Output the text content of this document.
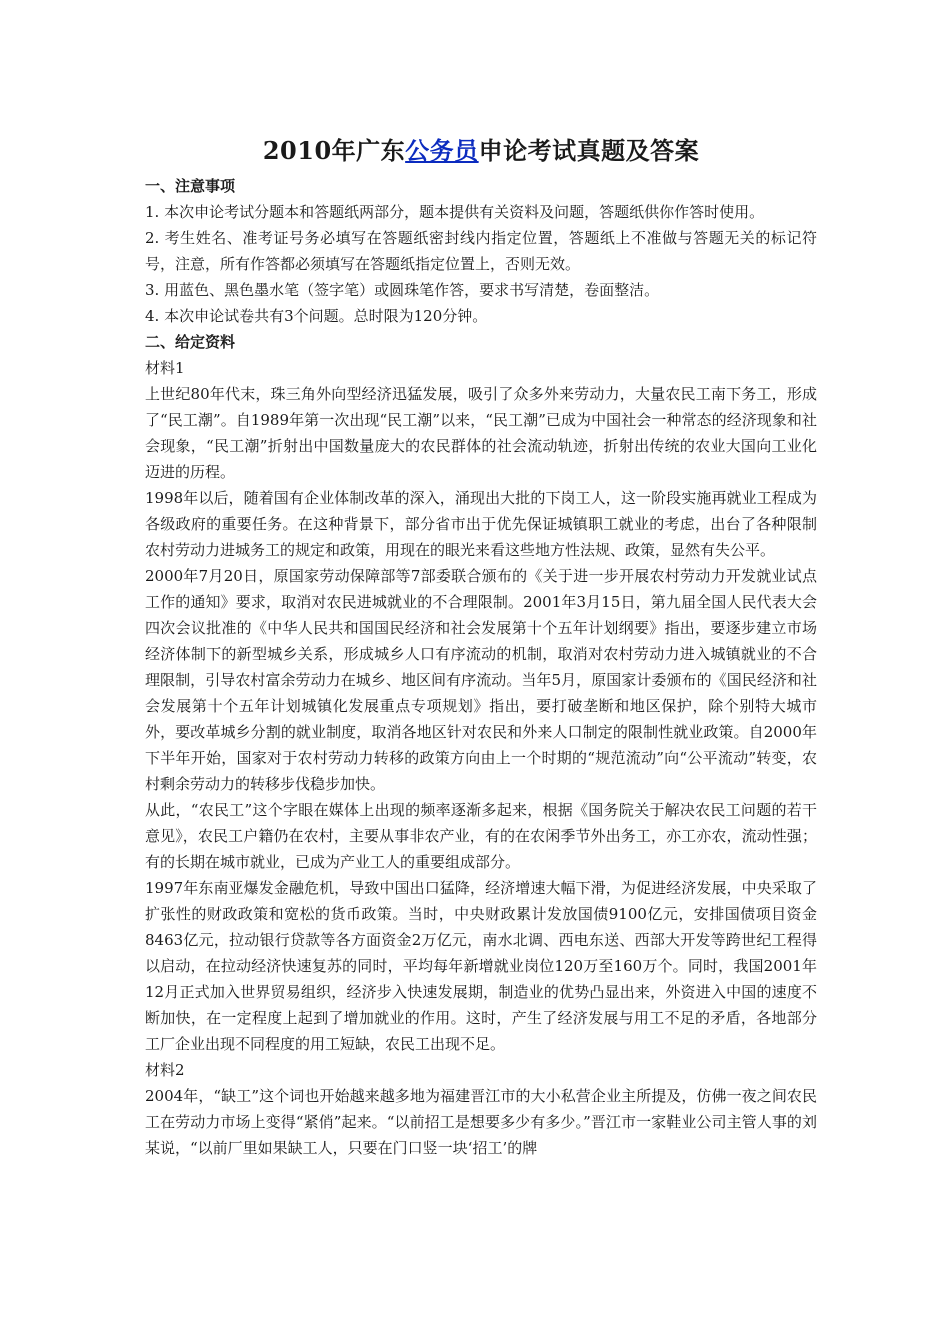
2010年广东公务员申论考试真题及答案

一、注意事项

1. 本次申论考试分题本和答题纸两部分，题本提供有关资料及问题，答题纸供你作答时使用。

2. 考生姓名、准考证号务必填写在答题纸密封线内指定位置，答题纸上不准做与答题无关的标记符号，注意，所有作答都必须填写在答题纸指定位置上，否则无效。

3. 用蓝色、黑色墨水笔（签字笔）或圆珠笔作答，要求书写清楚，卷面整洁。

4. 本次申论试卷共有3个问题。总时限为120分钟。

二、给定资料

材料1

上世纪80年代末，珠三角外向型经济迅猛发展，吸引了众多外来劳动力，大量农民工南下务工，形成了“民工潮”。自1989年第一次出现“民工潮”以来，“民工潮”已成为中国社会一种常态的经济现象和社会现象，“民工潮”折射出中国数量庞大的农民群体的社会流动轨迹，折射出传统的农业大国向工业化迈进的历程。

1998年以后，随着国有企业体制改革的深入，涌现出大批的下岗工人，这一阶段实施再就业工程成为各级政府的重要任务。在这种背景下，部分省市出于优先保证城镇职工就业的考虑，出台了各种限制农村劳动力进城务工的规定和政策，用现在的眼光来看这些地方性法规、政策，显然有失公平。

2000年7月20日，原国家劳动保障部等7部委联合颁布的《关于进一步开展农村劳动力开发就业试点工作的通知》要求，取消对农民进城就业的不合理限制。2001年3月15日，第九届全国人民代表大会四次会议批准的《中华人民共和国国民经济和社会发展第十个五年计划纲要》指出，要逐步建立市场经济体制下的新型城乡关系，形成城乡人口有序流动的机制，取消对农村劳动力进入城镇就业的不合理限制，引导农村富余劳动力在城乡、地区间有序流动。当年5月，原国家计委颁布的《国民经济和社会发展第十个五年计划城镇化发展重点专项规划》指出，要打破垄断和地区保护，除个别特大城市外，要改革城乡分割的就业制度，取消各地区针对农民和外来人口制定的限制性就业政策。自2000年下半年开始，国家对于农村劳动力转移的政策方向由上一个时期的“规范流动”向“公平流动”转变，农村剩余劳动力的转移步伐稳步加快。

从此，“农民工”这个字眼在媒体上出现的频率逐渐多起来，根据《国务院关于解决农民工问题的若干意见》，农民工户籍仍在农村，主要从事非农产业，有的在农闲季节外出务工，亦工亦农，流动性强；有的长期在城市就业，已成为产业工人的重要组成部分。

1997年东南亚爆发金融危机，导致中国出口猛降，经济增速大幅下滑，为促进经济发展，中央采取了扩张性的财政政策和宽松的货币政策。当时，中央财政累计发放国债9100亿元，安排国债项目资金8463亿元，拉动银行贷款等各方面资金2万亿元，南水北调、西电东送、西部大开发等跨世纪工程得以启动，在拉动经济快速复苏的同时，平均每年新增就业岗位120万至160万个。同时，我国2001年12月正式加入世界贸易组织，经济步入快速发展期，制造业的优势凸显出来，外资进入中国的速度不断加快，在一定程度上起到了增加就业的作用。这时，产生了经济发展与用工不足的矛盾，各地部分工厂企业出现不同程度的用工短缺，农民工出现不足。

材料2

2004年，“缺工”这个词也开始越来越多地为福建晋江市的大小私营企业主所提及，仿佛一夜之间农民工在劳动力市场上变得“紧俏”起来。“以前招工是想要多少有多少。”晋江市一家鞋业公司主管人事的刘某说，“以前厂里如果缺工人，只要在门口竖一块‘招工’的牌
